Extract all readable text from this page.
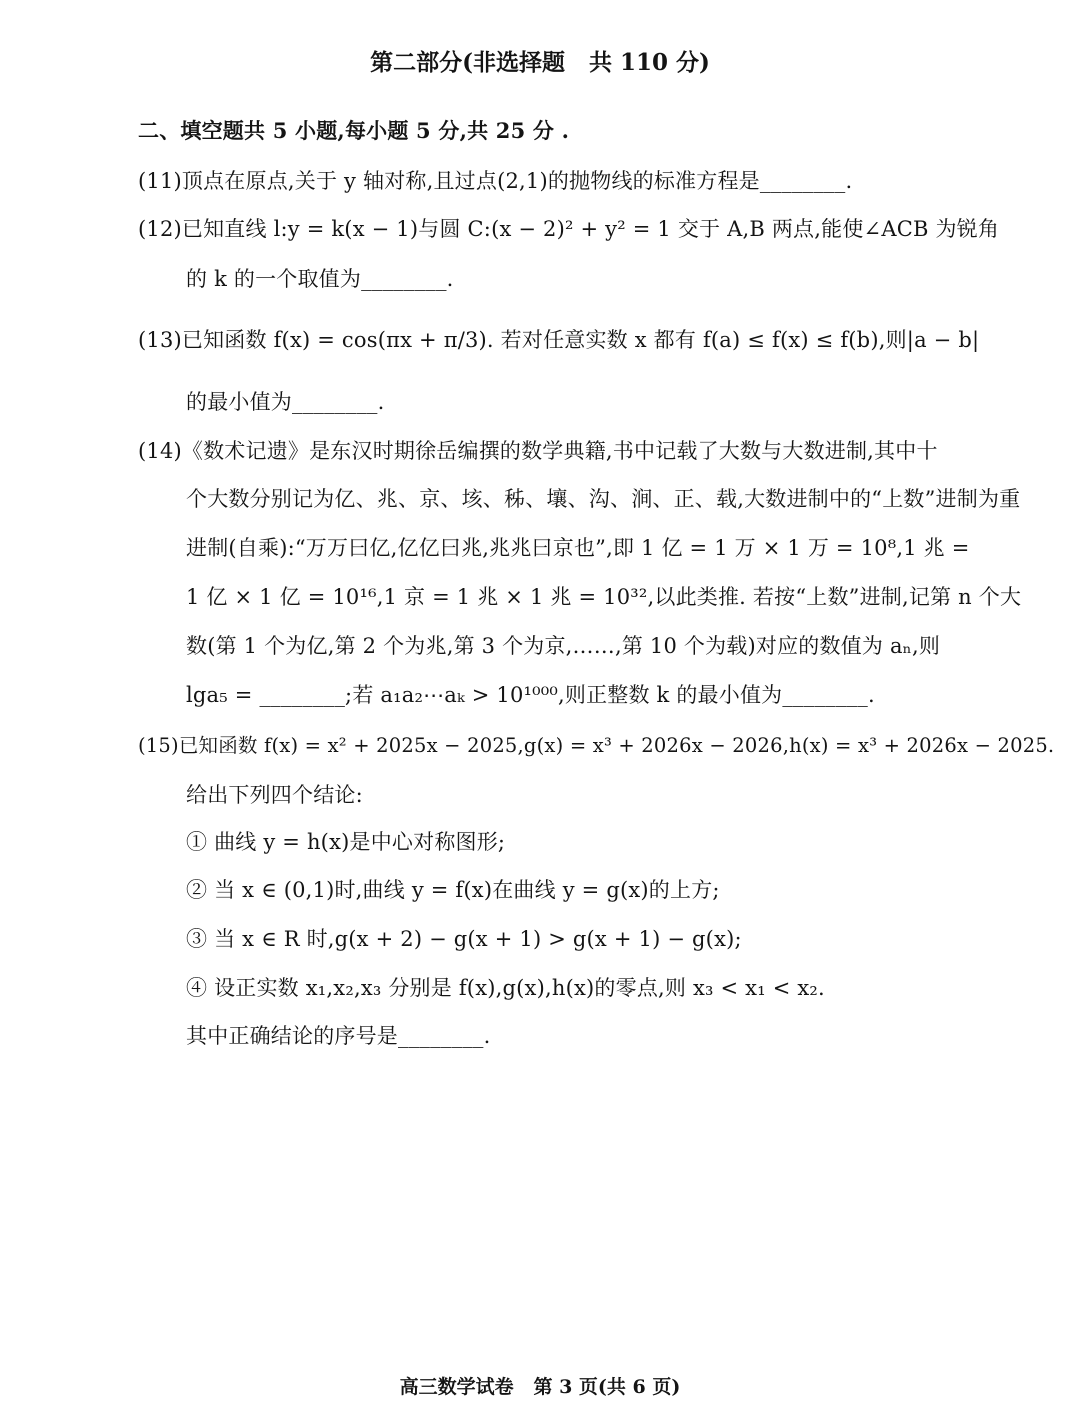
第二部分(非选择题   共 110 分)
二、填空题共 5 小题,每小题 5 分,共 25 分 .
(11)顶点在原点,关于 y 轴对称,且过点(2,1)的抛物线的标准方程是________.
(12)已知直线 l:y = k(x − 1)与圆 C:(x − 2)² + y² = 1 交于 A,B 两点,能使∠ACB 为锐角
的 k 的一个取值为________.
(13)已知函数 f(x) = cos(πx + π/3). 若对任意实数 x 都有 f(a) ≤ f(x) ≤ f(b),则|a − b|
的最小值为________.
(14)《数术记遗》是东汉时期徐岳编撰的数学典籍,书中记载了大数与大数进制,其中十
个大数分别记为亿、兆、京、垓、秭、壤、沟、涧、正、载,大数进制中的“上数”进制为重
进制(自乘):“万万曰亿,亿亿曰兆,兆兆曰京也”,即 1 亿 = 1 万 × 1 万 = 10⁸,1 兆 =
1 亿 × 1 亿 = 10¹⁶,1 京 = 1 兆 × 1 兆 = 10³²,以此类推. 若按“上数”进制,记第 n 个大
数(第 1 个为亿,第 2 个为兆,第 3 个为京,……,第 10 个为载)对应的数值为 aₙ,则
lga₅ = ________;若 a₁a₂⋯aₖ > 10¹⁰⁰⁰,则正整数 k 的最小值为________.
(15)已知函数 f(x) = x² + 2025x − 2025,g(x) = x³ + 2026x − 2026,h(x) = x³ + 2026x − 2025.
给出下列四个结论:
① 曲线 y = h(x)是中心对称图形;
② 当 x ∈ (0,1)时,曲线 y = f(x)在曲线 y = g(x)的上方;
③ 当 x ∈ R 时,g(x + 2) − g(x + 1) > g(x + 1) − g(x);
④ 设正实数 x₁,x₂,x₃ 分别是 f(x),g(x),h(x)的零点,则 x₃ < x₁ < x₂.
其中正确结论的序号是________.
高三数学试卷   第 3 页(共 6 页)
